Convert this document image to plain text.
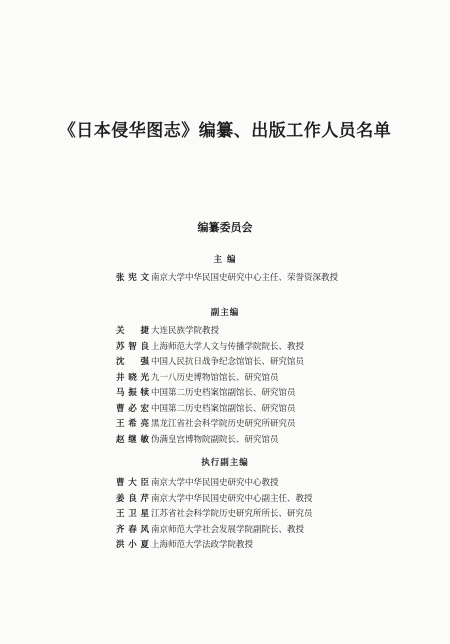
《日本侵华图志》编纂、出版工作人员名单
编纂委员会
主 编
张宪文 南京大学中华民国史研究中心主任、荣誉资深教授
副主编
关 捷 大连民族学院教授
苏智良 上海师范大学人文与传播学院院长、教授
沈 强 中国人民抗日战争纪念馆馆长、研究馆员
井晓光 九一八历史博物馆馆长、研究馆员
马振犊 中国第二历史档案馆副馆长、研究馆员
曹必宏 中国第二历史档案馆副馆长、研究馆员
王希亮 黑龙江省社会科学院历史研究所研究员
赵继敏 伪满皇宫博物院副院长、研究馆员
执行副主编
曹大臣 南京大学中华民国史研究中心教授
姜良芹 南京大学中华民国史研究中心副主任、教授
王卫星 江苏省社会科学院历史研究所所长、研究员
齐春风 南京师范大学社会发展学院副院长、教授
洪小夏 上海师范大学法政学院教授
